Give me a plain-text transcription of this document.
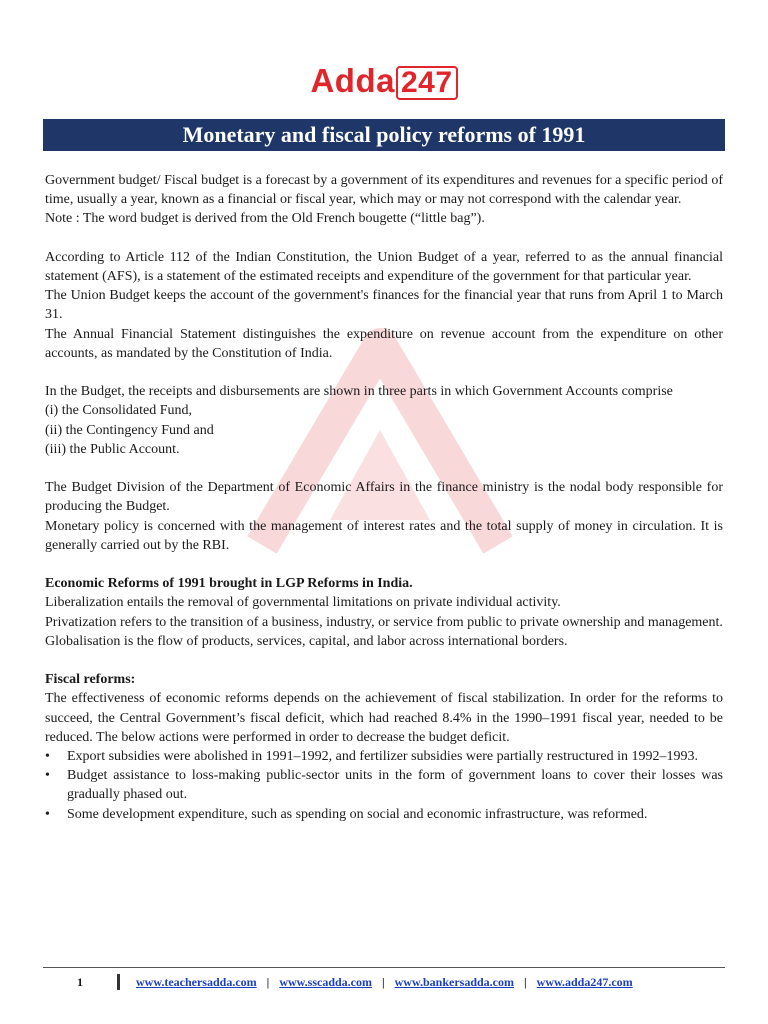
Adda 247
Monetary and fiscal policy reforms of 1991

Government budget/ Fiscal budget is a forecast by a government of its expenditures and revenues for a specific period of time, usually a year, known as a financial or fiscal year, which may or may not correspond with the calendar year.

Note : The word budget is derived from the Old French bougette (“little bag”).

According to Article 112 of the Indian Constitution, the Union Budget of a year, referred to as the annual financial statement (AFS), is a statement of the estimated receipts and expenditure of the government for that particular year.

The Union Budget keeps the account of the government's finances for the financial year that runs from April 1 to March 31.

The Annual Financial Statement distinguishes the expenditure on revenue account from the expenditure on other accounts, as mandated by the Constitution of India.

In the Budget, the receipts and disbursements are shown in three parts in which Government Accounts comprise

(i) the Consolidated Fund,

(ii) the Contingency Fund and

(iii) the Public Account.

The Budget Division of the Department of Economic Affairs in the finance ministry is the nodal body responsible for producing the Budget.

Monetary policy is concerned with the management of interest rates and the total supply of money in circulation. It is generally carried out by the RBI.

Economic Reforms of 1991 brought in LGP Reforms in India.

Liberalization entails the removal of governmental limitations on private individual activity.

Privatization refers to the transition of a business, industry, or service from public to private ownership and management.

Globalisation is the flow of products, services, capital, and labor across international borders.

Fiscal reforms:

The effectiveness of economic reforms depends on the achievement of fiscal stabilization. In order for the reforms to succeed, the Central Government’s fiscal deficit, which had reached 8.4% in the 1990–1991 fiscal year, needed to be reduced. The below actions were performed in order to decrease the budget deficit.

• Export subsidies were abolished in 1991–1992, and fertilizer subsidies were partially restructured in 1992–1993.
• Budget assistance to loss-making public-sector units in the form of government loans to cover their losses was gradually phased out.
• Some development expenditure, such as spending on social and economic infrastructure, was reformed.
1	www.teachersadda.com | www.sscadda.com | www.bankersadda.com | www.adda247.com
